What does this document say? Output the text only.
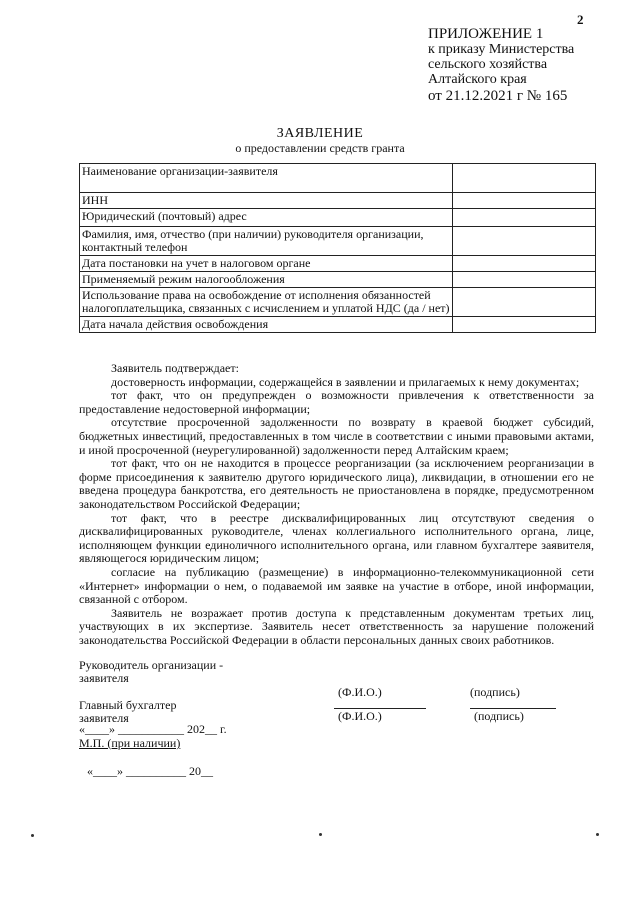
2
ПРИЛОЖЕНИЕ 1
к приказу Министерства
сельского хозяйства
Алтайского края
от 21.12.2021 г № 165
ЗАЯВЛЕНИЕ
о предоставлении средств гранта
Наименование организации-заявителя	
ИНН	
Юридический (почтовый) адрес	
Фамилия, имя, отчество (при наличии) руководителя организации, контактный телефон	
Дата постановки на учет в налоговом органе	
Применяемый режим налогообложения	
Использование права на освобождение от исполнения обязанностей налогоплательщика, связанных с исчислением и уплатой НДС (да / нет)	
Дата начала действия освобождения	

Заявитель подтверждает:

достоверность информации, содержащейся в заявлении и прилагаемых к нему документах;

тот факт, что он предупрежден о возможности привлечения к ответственности за предоставление недостоверной информации;

отсутствие просроченной задолженности по возврату в краевой бюджет субсидий, бюджетных инвестиций, предоставленных в том числе в соответствии с иными правовыми актами, и иной просроченной (неурегулированной) задолженности перед Алтайским краем;

тот факт, что он не находится в процессе реорганизации (за исключением реорганизации в форме присоединения к заявителю другого юридического лица), ликвидации, в отношении его не введена процедура банкротства, его деятельность не приостановлена в порядке, предусмотренном законодательством Российской Федерации;

тот факт, что в реестре дисквалифицированных лиц отсутствуют сведения о дисквалифицированных руководителе, членах коллегиального исполнительного органа, лице, исполняющем функции единоличного исполнительного органа, или главном бухгалтере заявителя, являющегося юридическим лицом;

согласие на публикацию (размещение) в информационно-телекоммуникационной сети «Интернет» информации о нем, о подаваемой им заявке на участие в отборе, иной информации, связанной с отбором.

Заявитель не возражает против доступа к представленным документам третьих лиц, участвующих в их экспертизе. Заявитель несет ответственность за нарушение положений законодательства Российской Федерации в области персональных данных своих работников.

Руководитель организации -
заявителя
(Ф.И.О.)	(подпись)
Главный бухгалтер
заявителя	(Ф.И.О.)	(подпись)
«____» ___________ 202__ г.
М.П. (при наличии)
«____» __________ 20__
